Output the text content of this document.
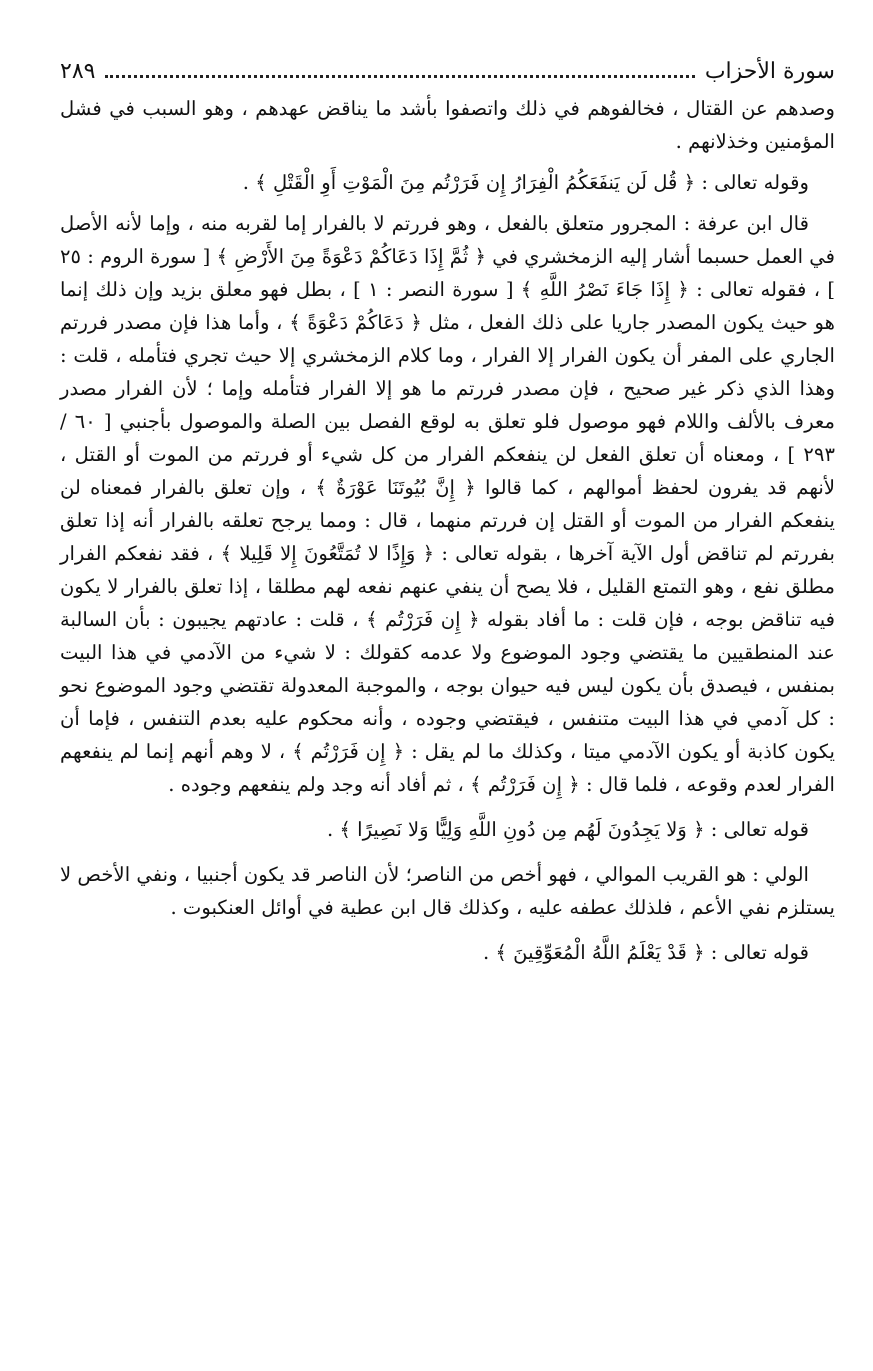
سورة الأحزاب
٢٨٩

وصدهم عن القتال ، فخالفوهم في ذلك واتصفوا بأشد ما يناقض عهدهم ، وهو السبب في فشل المؤمنين وخذلانهم .

وقوله تعالى : ﴿ قُل لَن يَنفَعَكُمُ الْفِرَارُ إِن فَرَرْتُم مِنَ الْمَوْتِ أَوِ الْقَتْلِ ﴾ .

قال ابن عرفة : المجرور متعلق بالفعل ، وهو فررتم لا بالفرار إما لقربه منه ، وإما لأنه الأصل في العمل حسبما أشار إليه الزمخشري في ﴿ ثُمَّ إِذَا دَعَاكُمْ دَعْوَةً مِنَ الأَرْضِ ﴾ [ سورة الروم : ٢٥ ] ، فقوله تعالى : ﴿ إِذَا جَاءَ نَصْرُ اللَّهِ ﴾ [ سورة النصر : ١ ] ، بطل فهو معلق بزيد وإن ذلك إنما هو حيث يكون المصدر جاريا على ذلك الفعل ، مثل ﴿ دَعَاكُمْ دَعْوَةً ﴾ ، وأما هذا فإن مصدر فررتم الجاري على المفر أن يكون الفرار إلا الفرار ، وما كلام الزمخشري إلا حيث تجري فتأمله ، قلت : وهذا الذي ذكر غير صحيح ، فإن مصدر فررتم ما هو إلا الفرار فتأمله وإما ؛ لأن الفرار مصدر معرف بالألف واللام فهو موصول فلو تعلق به لوقع الفصل بين الصلة والموصول بأجنبي [ ٦٠ / ٢٩٣ ] ، ومعناه أن تعلق الفعل لن ينفعكم الفرار من كل شيء أو فررتم من الموت أو القتل ، لأنهم قد يفرون لحفظ أموالهم ، كما قالوا ﴿ إِنَّ بُيُوتَنَا عَوْرَةٌ ﴾ ، وإن تعلق بالفرار فمعناه لن ينفعكم الفرار من الموت أو القتل إن فررتم منهما ، قال : ومما يرجح تعلقه بالفرار أنه إذا تعلق بفررتم لم تناقض أول الآية آخرها ، بقوله تعالى : ﴿ وَإِذًا لا تُمَتَّعُونَ إِلا قَلِيلا ﴾ ، فقد نفعكم الفرار مطلق نفع ، وهو التمتع القليل ، فلا يصح أن ينفي عنهم نفعه لهم مطلقا ، إذا تعلق بالفرار لا يكون فيه تناقض بوجه ، فإن قلت : ما أفاد بقوله ﴿ إِن فَرَرْتُم ﴾ ، قلت : عادتهم يجيبون : بأن السالبة عند المنطقيين ما يقتضي وجود الموضوع ولا عدمه كقولك : لا شيء من الآدمي في هذا البيت بمنفس ، فيصدق بأن يكون ليس فيه حيوان بوجه ، والموجبة المعدولة تقتضي وجود الموضوع نحو : كل آدمي في هذا البيت متنفس ، فيقتضي وجوده ، وأنه محكوم عليه بعدم التنفس ، فإما أن يكون كاذبة أو يكون الآدمي ميتا ، وكذلك ما لم يقل : ﴿ إِن فَرَرْتُم ﴾ ، لا وهم أنهم إنما لم ينفعهم الفرار لعدم وقوعه ، فلما قال : ﴿ إِن فَرَرْتُم ﴾ ، ثم أفاد أنه وجد ولم ينفعهم وجوده .

قوله تعالى : ﴿ وَلا يَجِدُونَ لَهُم مِن دُونِ اللَّهِ وَلِيًّا وَلا نَصِيرًا ﴾ .

الولي : هو القريب الموالي ، فهو أخص من الناصر؛ لأن الناصر قد يكون أجنبيا ، ونفي الأخص لا يستلزم نفي الأعم ، فلذلك عطفه عليه ، وكذلك قال ابن عطية في أوائل العنكبوت .

قوله تعالى : ﴿ قَدْ يَعْلَمُ اللَّهُ الْمُعَوِّقِينَ ﴾ .
